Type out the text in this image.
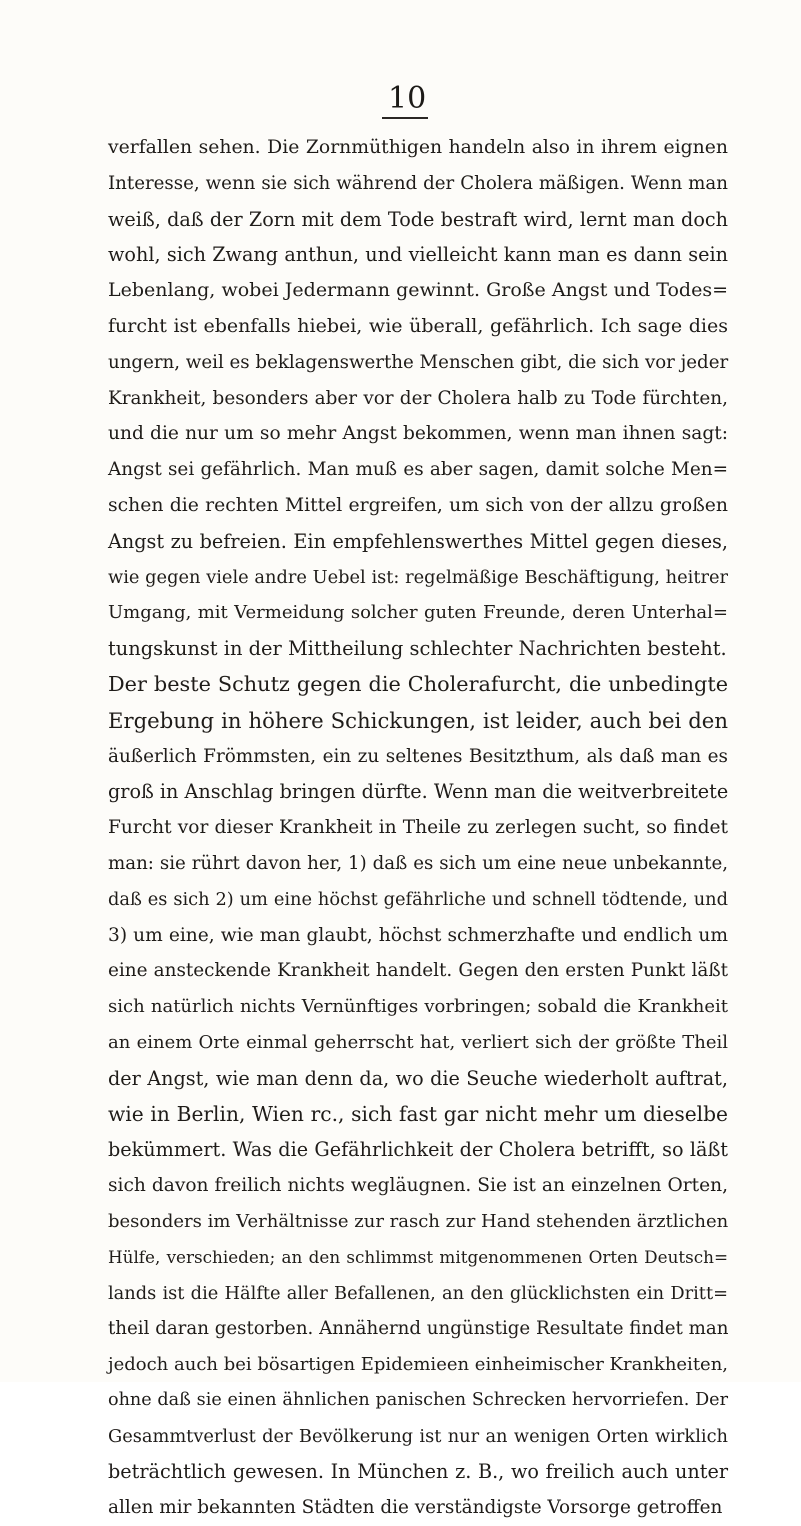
10
verfallen sehen. Die Zornmüthigen handeln also in ihrem eignen
Interesse, wenn sie sich während der Cholera mäßigen. Wenn man
weiß, daß der Zorn mit dem Tode bestraft wird, lernt man doch
wohl, sich Zwang anthun, und vielleicht kann man es dann sein
Lebenlang, wobei Jedermann gewinnt. Große Angst und Todes=
furcht ist ebenfalls hiebei, wie überall, gefährlich. Ich sage dies
ungern, weil es beklagenswerthe Menschen gibt, die sich vor jeder
Krankheit, besonders aber vor der Cholera halb zu Tode fürchten,
und die nur um so mehr Angst bekommen, wenn man ihnen sagt:
Angst sei gefährlich. Man muß es aber sagen, damit solche Men=
schen die rechten Mittel ergreifen, um sich von der allzu großen
Angst zu befreien. Ein empfehlenswerthes Mittel gegen dieses,
wie gegen viele andre Uebel ist: regelmäßige Beschäftigung, heitrer
Umgang, mit Vermeidung solcher guten Freunde, deren Unterhal=
tungskunst in der Mittheilung schlechter Nachrichten besteht.
Der beste Schutz gegen die Cholerafurcht, die unbedingte
Ergebung in höhere Schickungen, ist leider, auch bei den
äußerlich Frömmsten, ein zu seltenes Besitzthum, als daß man es
groß in Anschlag bringen dürfte. Wenn man die weitverbreitete
Furcht vor dieser Krankheit in Theile zu zerlegen sucht, so findet
man: sie rührt davon her, 1) daß es sich um eine neue unbekannte,
daß es sich 2) um eine höchst gefährliche und schnell tödtende, und
3) um eine, wie man glaubt, höchst schmerzhafte und endlich um
eine ansteckende Krankheit handelt. Gegen den ersten Punkt läßt
sich natürlich nichts Vernünftiges vorbringen; sobald die Krankheit
an einem Orte einmal geherrscht hat, verliert sich der größte Theil
der Angst, wie man denn da, wo die Seuche wiederholt auftrat,
wie in Berlin, Wien rc., sich fast gar nicht mehr um dieselbe
bekümmert. Was die Gefährlichkeit der Cholera betrifft, so läßt
sich davon freilich nichts wegläugnen. Sie ist an einzelnen Orten,
besonders im Verhältnisse zur rasch zur Hand stehenden ärztlichen
Hülfe, verschieden; an den schlimmst mitgenommenen Orten Deutsch=
lands ist die Hälfte aller Befallenen, an den glücklichsten ein Dritt=
theil daran gestorben. Annähernd ungünstige Resultate findet man
jedoch auch bei bösartigen Epidemieen einheimischer Krankheiten,
ohne daß sie einen ähnlichen panischen Schrecken hervorriefen. Der
Gesammtverlust der Bevölkerung ist nur an wenigen Orten wirklich
beträchtlich gewesen. In München z. B., wo freilich auch unter
allen mir bekannten Städten die verständigste Vorsorge getroffen
